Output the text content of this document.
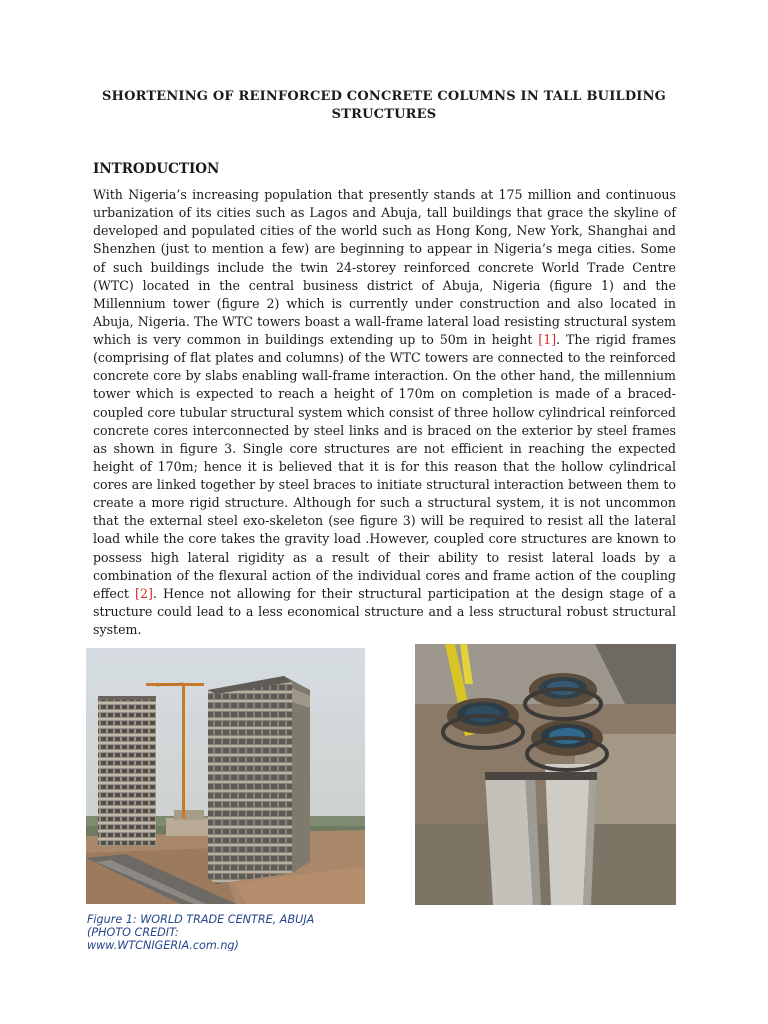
SHORTENING OF REINFORCED CONCRETE COLUMNS IN TALL BUILDING STRUCTURES
INTRODUCTION
With Nigeria’s increasing population that presently stands at 175 million and continuous urbanization of its cities such as Lagos and Abuja, tall buildings that grace the skyline of developed and populated cities of the world such as Hong Kong, New York, Shanghai and Shenzhen (just to mention a few) are beginning to appear in Nigeria’s mega cities. Some of such buildings include the twin 24-storey reinforced concrete World Trade Centre (WTC) located in the central business district of Abuja, Nigeria (figure 1) and the Millennium tower (figure 2) which is currently under construction and also located in Abuja, Nigeria. The WTC towers boast a wall-frame lateral load resisting structural system which is very common in buildings extending up to 50m in height [1]. The rigid frames (comprising of flat plates and columns) of the WTC towers are connected to the reinforced concrete core by slabs enabling wall-frame interaction. On the other hand, the millennium tower which is expected to reach a height of 170m on completion is made of a braced-coupled core tubular structural system which consist of three hollow cylindrical reinforced concrete cores interconnected by steel links and is braced on the exterior by steel frames as shown in figure 3. Single core structures are not efficient in reaching the expected height of 170m; hence it is believed that it is for this reason that the hollow cylindrical cores are linked together by steel braces to initiate structural interaction between them to create a more rigid structure. Although for such a structural system, it is not uncommon that the external steel exo-skeleton (see figure 3) will be required to resist all the lateral load while the core takes the gravity load .However, coupled core structures are known to possess high lateral rigidity as a result of their ability to resist lateral loads by a combination of the flexural action of the individual cores and frame action of the coupling effect [2]. Hence not allowing for their structural participation at the design stage of a structure could lead to a less economical structure and a less structural robust structural system.
Figure 1: WORLD TRADE CENTRE, ABUJA
(PHOTO CREDIT:
www.WTCNIGERIA.com.ng)
